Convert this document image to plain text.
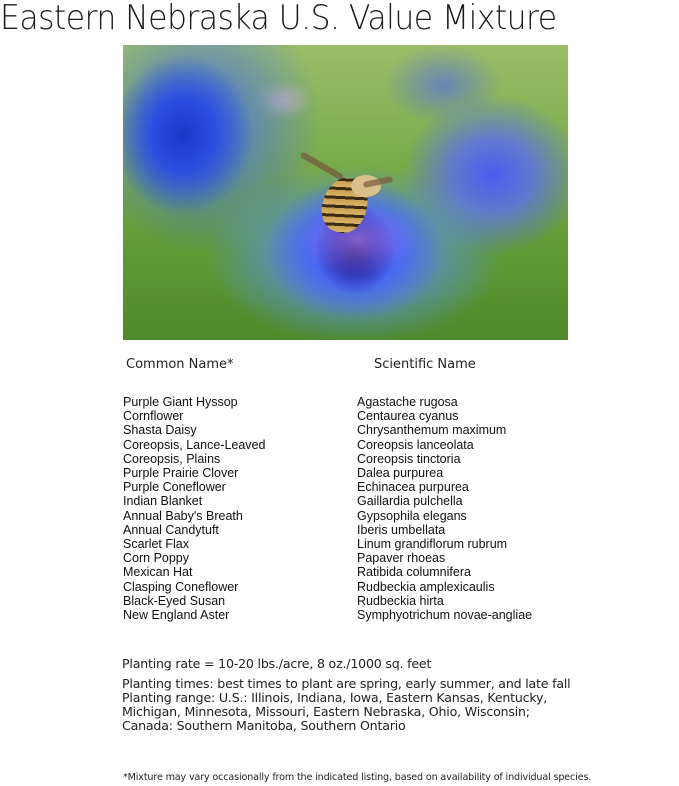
Eastern Nebraska U.S. Value Mixture
Common Name*	Scientific Name
Purple Giant Hyssop
Cornflower
Shasta Daisy
Coreopsis, Lance-Leaved
Coreopsis, Plains
Purple Prairie Clover
Purple Coneflower
Indian Blanket
Annual Baby's Breath
Annual Candytuft
Scarlet Flax
Corn Poppy
Mexican Hat
Clasping Coneflower
Black-Eyed Susan
New England Aster
Agastache rugosa
Centaurea cyanus
Chrysanthemum maximum
Coreopsis lanceolata
Coreopsis tinctoria
Dalea purpurea
Echinacea purpurea
Gaillardia pulchella
Gypsophila elegans
Iberis umbellata
Linum grandiflorum rubrum
Papaver rhoeas
Ratibida columnifera
Rudbeckia amplexicaulis
Rudbeckia hirta
Symphyotrichum novae-angliae
Planting rate = 10-20 lbs./acre, 8 oz./1000 sq. feet
Planting times: best times to plant are spring, early summer, and late fall
Planting range: U.S.: Illinois, Indiana, Iowa, Eastern Kansas, Kentucky,
Michigan, Minnesota, Missouri, Eastern Nebraska, Ohio, Wisconsin;
Canada: Southern Manitoba, Southern Ontario
*Mixture may vary occasionally from the indicated listing, based on availability of individual species.
